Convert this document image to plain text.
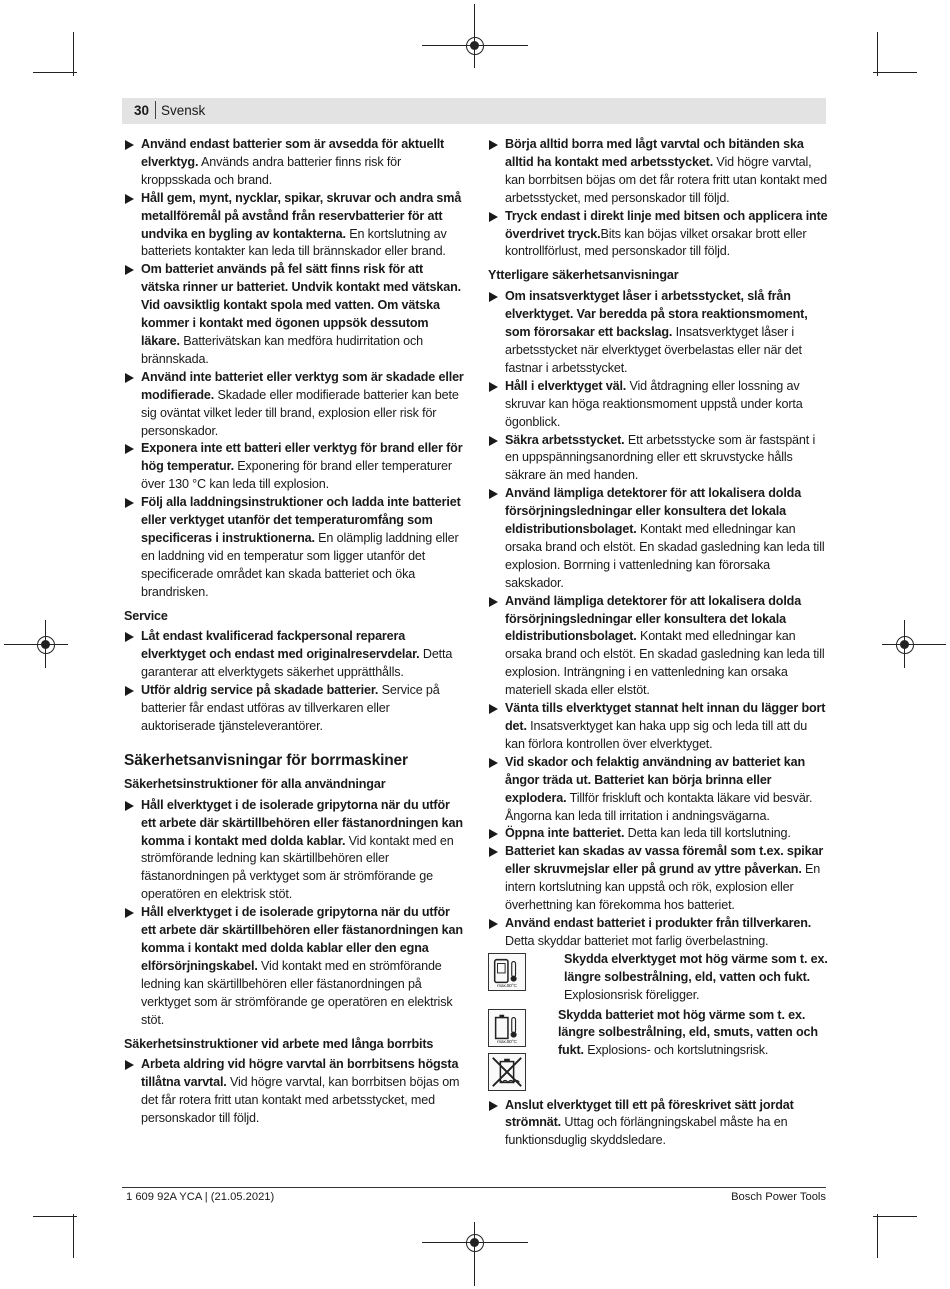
30 Svensk

Använd endast batterier som är avsedda för aktuellt elverktyg. Används andra batterier finns risk för kroppsskada och brand.

Håll gem, mynt, nycklar, spikar, skruvar och andra små metallföremål på avstånd från reservbatterier för att undvika en bygling av kontakterna. En kortslutning av batteriets kontakter kan leda till brännskador eller brand.

Om batteriet används på fel sätt finns risk för att vätska rinner ur batteriet. Undvik kontakt med vätskan. Vid oavsiktlig kontakt spola med vatten. Om vätska kommer i kontakt med ögonen uppsök dessutom läkare. Batterivätskan kan medföra hudirritation och brännskada.

Använd inte batteriet eller verktyg som är skadade eller modifierade. Skadade eller modifierade batterier kan bete sig oväntat vilket leder till brand, explosion eller risk för personskador.

Exponera inte ett batteri eller verktyg för brand eller för hög temperatur. Exponering för brand eller temperaturer över 130 °C kan leda till explosion.

Följ alla laddningsinstruktioner och ladda inte batteriet eller verktyget utanför det temperaturomfång som specificeras i instruktionerna. En olämplig laddning eller en laddning vid en temperatur som ligger utanför det specificerade området kan skada batteriet och öka brandrisken.

Service

Låt endast kvalificerad fackpersonal reparera elverktyget och endast med originalreservdelar. Detta garanterar att elverktygets säkerhet upprätthålls.

Utför aldrig service på skadade batterier. Service på batterier får endast utföras av tillverkaren eller auktoriserade tjänsteleverantörer.

Säkerhetsanvisningar för borrmaskiner

Säkerhetsinstruktioner för alla användningar

Håll elverktyget i de isolerade gripytorna när du utför ett arbete där skärtillbehören eller fästanordningen kan komma i kontakt med dolda kablar. Vid kontakt med en strömförande ledning kan skärtillbehören eller fästanordningen på verktyget som är strömförande ge operatören en elektrisk stöt.

Håll elverktyget i de isolerade gripytorna när du utför ett arbete där skärtillbehören eller fästanordningen kan komma i kontakt med dolda kablar eller den egna elförsörjningskabel. Vid kontakt med en strömförande ledning kan skärtillbehören eller fästanordningen på verktyget som är strömförande ge operatören en elektrisk stöt.

Säkerhetsinstruktioner vid arbete med långa borrbits

Arbeta aldring vid högre varvtal än borrbitsens högsta tillåtna varvtal. Vid högre varvtal, kan borrbitsen böjas om det får rotera fritt utan kontakt med arbetsstycket, med personskador till följd.

Börja alltid borra med lågt varvtal och bitänden ska alltid ha kontakt med arbetsstycket. Vid högre varvtal, kan borrbitsen böjas om det får rotera fritt utan kontakt med arbetsstycket, med personskador till följd.

Tryck endast i direkt linje med bitsen och applicera inte överdrivet tryck.Bits kan böjas vilket orsakar brott eller kontrollförlust, med personskador till följd.

Ytterligare säkerhetsanvisningar

Om insatsverktyget låser i arbetsstycket, slå från elverktyget. Var beredda på stora reaktionsmoment, som förorsakar ett backslag. Insatsverktyget låser i arbetsstycket när elverktyget överbelastas eller när det fastnar i arbetsstycket.

Håll i elverktyget väl. Vid åtdragning eller lossning av skruvar kan höga reaktionsmoment uppstå under korta ögonblick.

Säkra arbetsstycket. Ett arbetsstycke som är fastspänt i en uppspänningsanordning eller ett skruvstycke hålls säkrare än med handen.

Använd lämpliga detektorer för att lokalisera dolda försörjningsledningar eller konsultera det lokala eldistributionsbolaget. Kontakt med elledningar kan orsaka brand och elstöt. En skadad gasledning kan leda till explosion. Borrning i vattenledning kan förorsaka sakskador.

Använd lämpliga detektorer för att lokalisera dolda försörjningsledningar eller konsultera det lokala eldistributionsbolaget. Kontakt med elledningar kan orsaka brand och elstöt. En skadad gasledning kan leda till explosion. Inträngning i en vattenledning kan orsaka materiell skada eller elstöt.

Vänta tills elverktyget stannat helt innan du lägger bort det. Insatsverktyget kan haka upp sig och leda till att du kan förlora kontrollen över elverktyget.

Vid skador och felaktig användning av batteriet kan ångor träda ut. Batteriet kan börja brinna eller explodera. Tillför friskluft och kontakta läkare vid besvär. Ångorna kan leda till irritation i andningsvägarna.

Öppna inte batteriet. Detta kan leda till kortslutning.

Batteriet kan skadas av vassa föremål som t.ex. spikar eller skruvmejslar eller på grund av yttre påverkan. En intern kortslutning kan uppstå och rök, explosion eller överhettning kan förekomma hos batteriet.

Använd endast batteriet i produkter från tillverkaren. Detta skyddar batteriet mot farlig överbelastning.

max.50°C

Skydda elverktyget mot hög värme som t. ex. längre solbestrålning, eld, vatten och fukt. Explosionsrisk föreligger.

max.50°C

Skydda batteriet mot hög värme som t. ex. längre solbestrålning, eld, smuts, vatten och fukt. Explosions- och kortslutningsrisk.

Anslut elverktyget till ett på föreskrivet sätt jordat strömnät. Uttag och förlängningskabel måste ha en funktionsduglig skyddsledare.

1 609 92A YCA | (21.05.2021)	Bosch Power Tools
